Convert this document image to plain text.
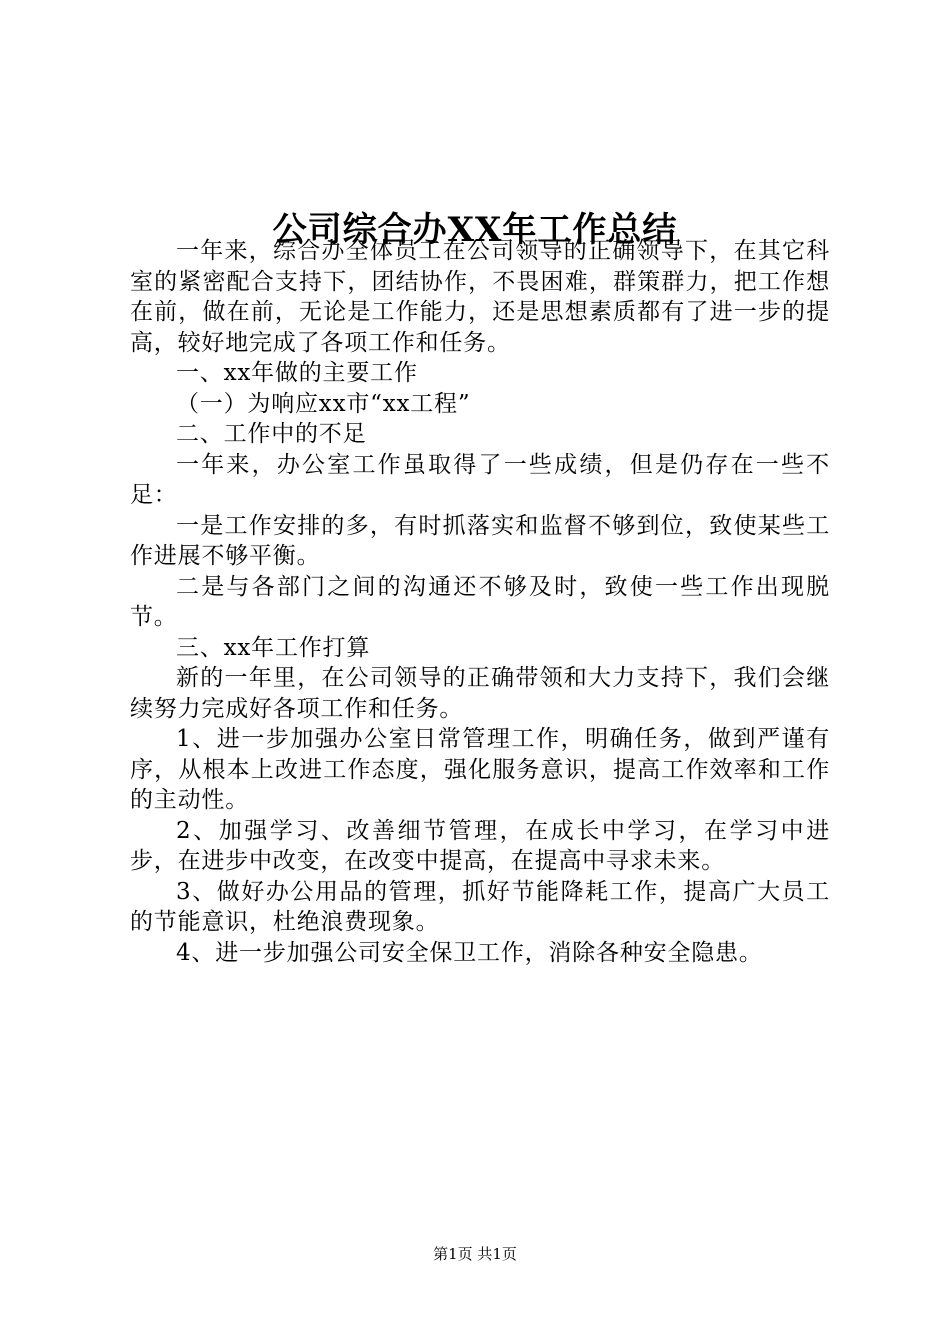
公司综合办XX年工作总结

一年来，综合办全体员工在公司领导的正确领导下，在其它科室的紧密配合支持下，团结协作，不畏困难，群策群力，把工作想在前，做在前，无论是工作能力，还是思想素质都有了进一步的提高，较好地完成了各项工作和任务。

一、xx年做的主要工作

（一）为响应xx市“xx工程”

二、工作中的不足

一年来，办公室工作虽取得了一些成绩，但是仍存在一些不足：

一是工作安排的多，有时抓落实和监督不够到位，致使某些工作进展不够平衡。

二是与各部门之间的沟通还不够及时，致使一些工作出现脱节。

三、xx年工作打算

新的一年里，在公司领导的正确带领和大力支持下，我们会继续努力完成好各项工作和任务。

1、进一步加强办公室日常管理工作，明确任务，做到严谨有序，从根本上改进工作态度，强化服务意识，提高工作效率和工作的主动性。

2、加强学习、改善细节管理，在成长中学习，在学习中进步，在进步中改变，在改变中提高，在提高中寻求未来。

3、做好办公用品的管理，抓好节能降耗工作，提高广大员工的节能意识，杜绝浪费现象。

4、进一步加强公司安全保卫工作，消除各种安全隐患。

第1页 共1页
